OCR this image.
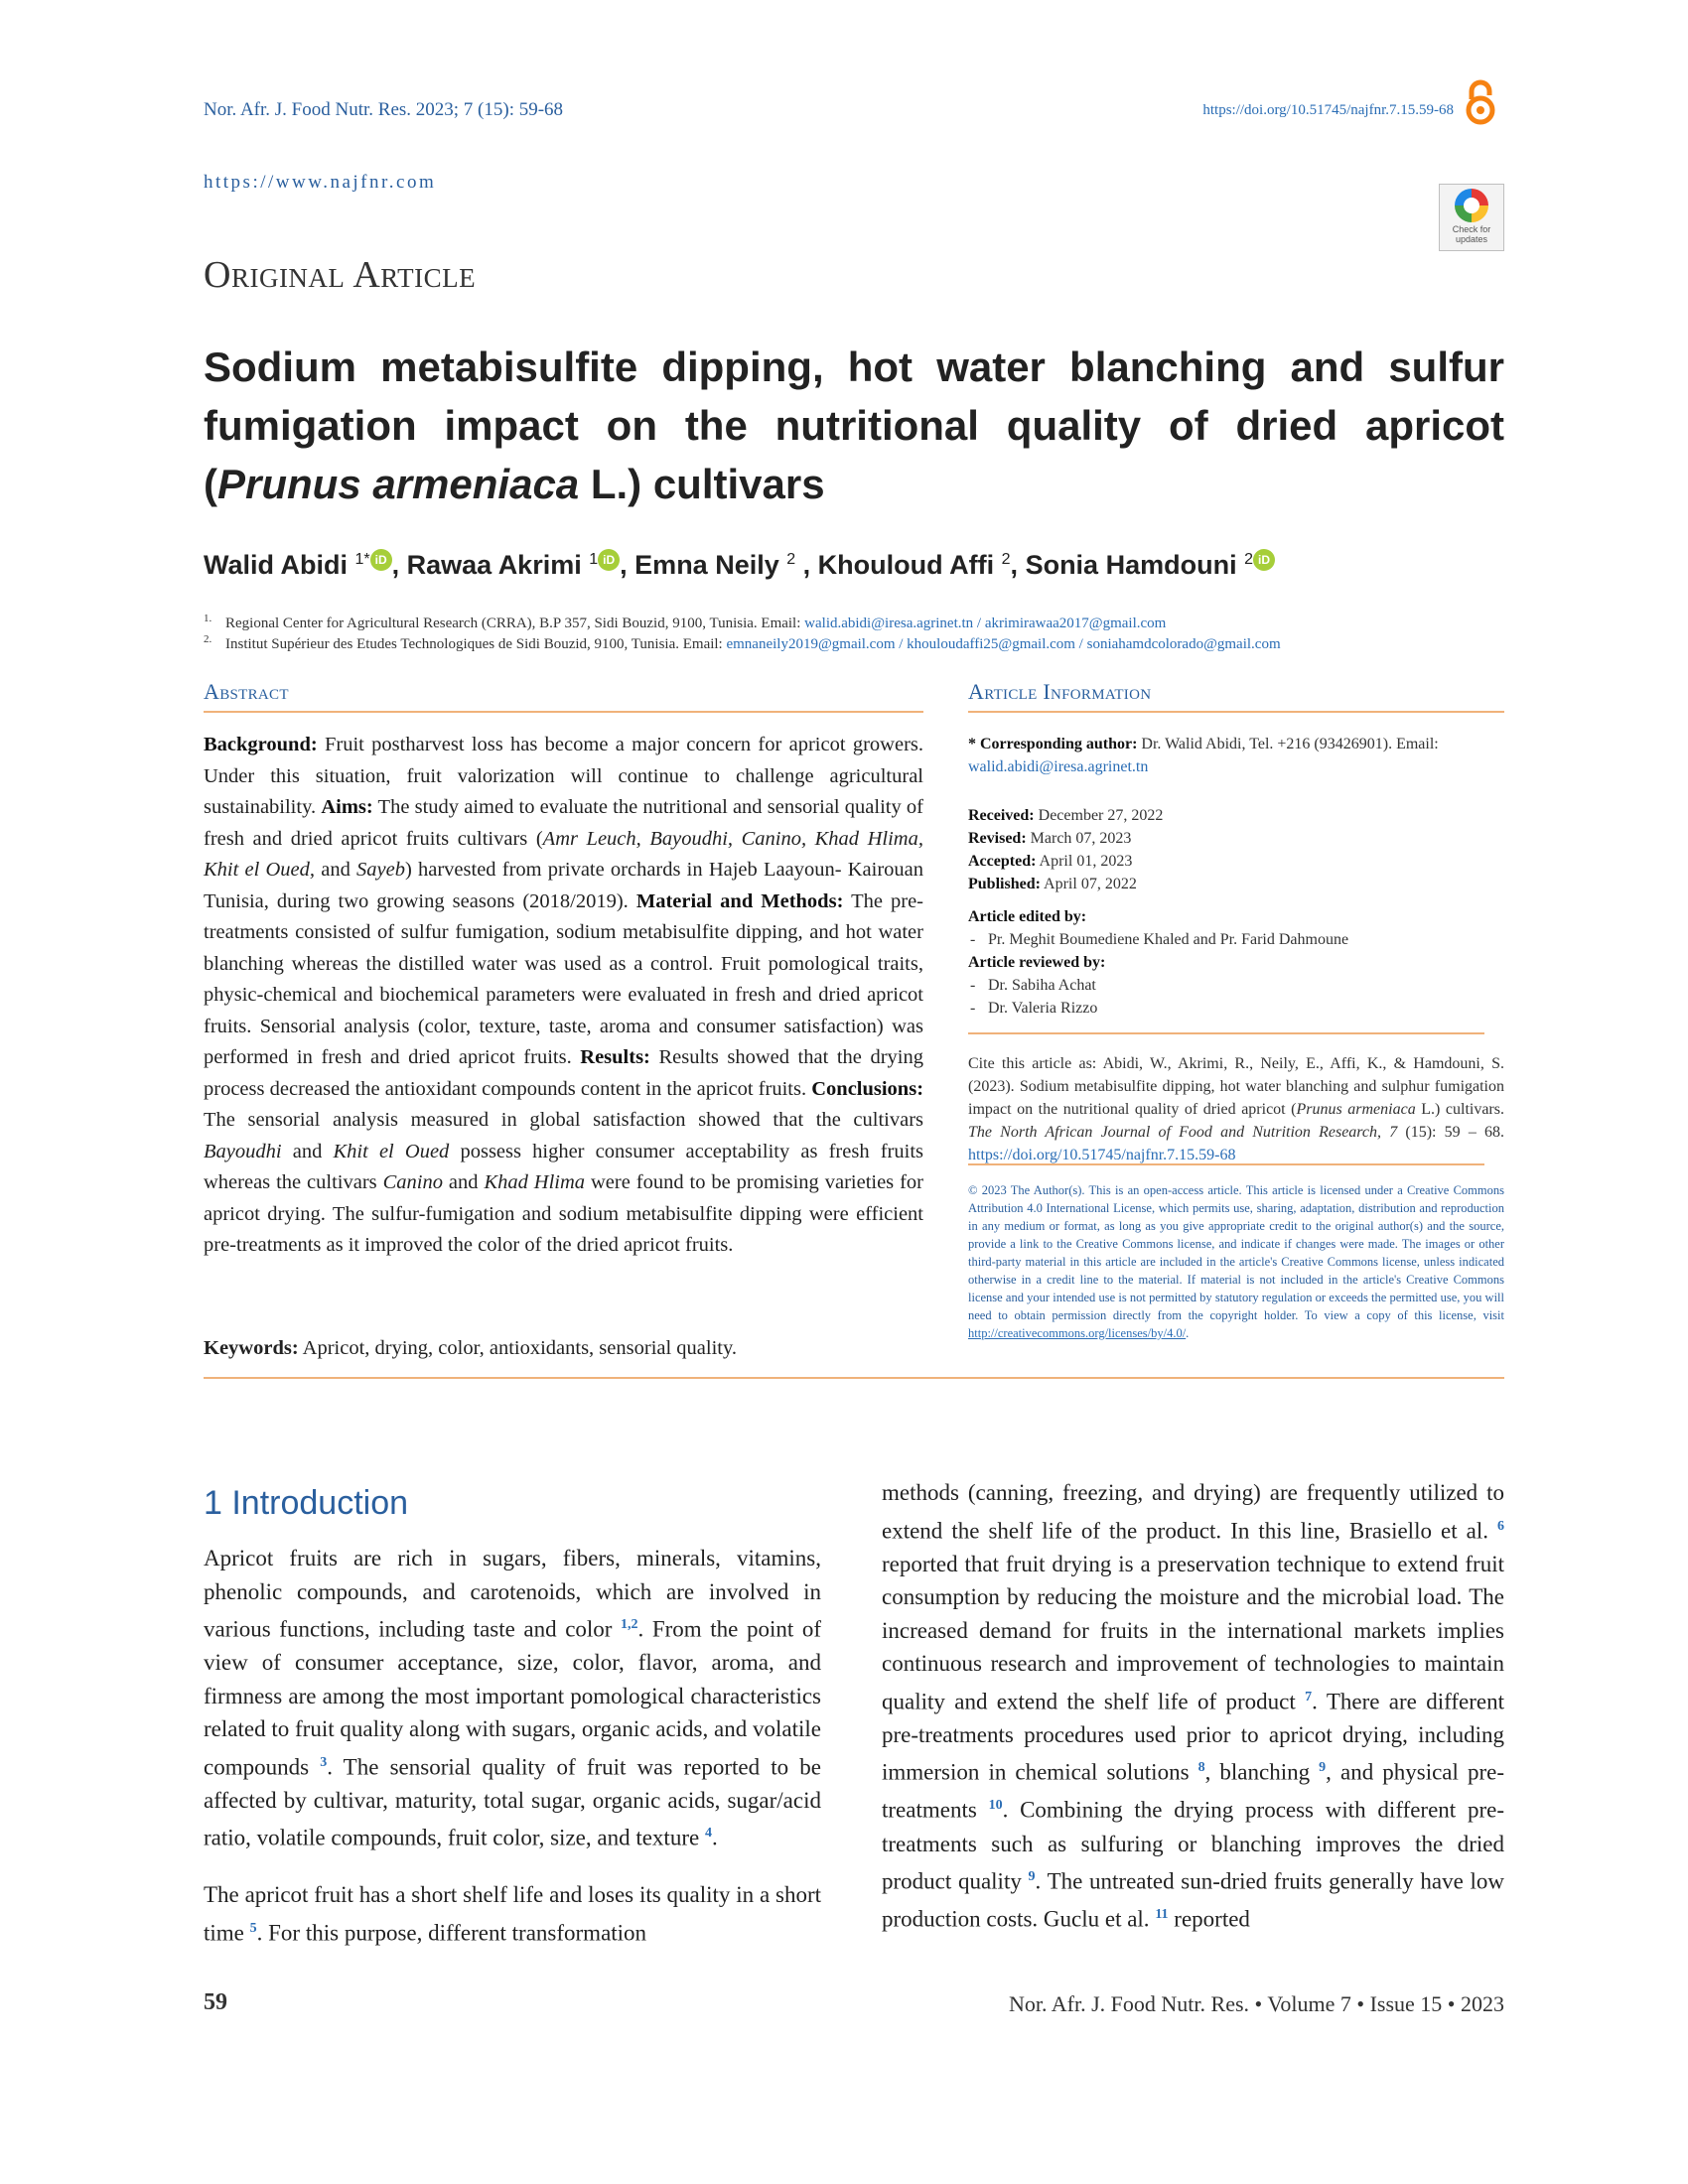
Nor. Afr. J. Food Nutr. Res. 2023; 7 (15): 59-68	https://doi.org/10.51745/najfnr.7.15.59-68
https://www.najfnr.com
Check for updates
Original Article
Sodium metabisulfite dipping, hot water blanching and sulfur fumigation impact on the nutritional quality of dried apricot (Prunus armeniaca L.) cultivars
Walid Abidi $^{1*}$ iD , Rawaa Akrimi $^1$ iD , Emna Neily $^2$ , Khouloud Affi $^2$, Sonia Hamdouni $^2$ iD
1. Regional Center for Agricultural Research (CRRA), B.P 357, Sidi Bouzid, 9100, Tunisia. Email: walid.abidi@iresa.agrinet.tn / akrimirawaa2017@gmail.com
2. Institut Supérieur des Etudes Technologiques de Sidi Bouzid, 9100, Tunisia. Email: emnaneily2019@gmail.com / khouloudaffi25@gmail.com / soniahamdcolorado@gmail.com
Abstract	Article Information
Background: Fruit postharvest loss has become a major concern for apricot growers. Under this situation, fruit valorization will continue to challenge agricultural sustainability. Aims: The study aimed to evaluate the nutritional and sensorial quality of fresh and dried apricot fruits cultivars (Amr Leuch, Bayoudhi, Canino, Khad Hlima, Khit el Oued, and Sayeb) harvested from private orchards in Hajeb Laayoun- Kairouan Tunisia, during two growing seasons (2018/2019). Material and Methods: The pre-treatments consisted of sulfur fumigation, sodium metabisulfite dipping, and hot water blanching whereas the distilled water was used as a control. Fruit pomological traits, physic-chemical and biochemical parameters were evaluated in fresh and dried apricot fruits. Sensorial analysis (color, texture, taste, aroma and consumer satisfaction) was performed in fresh and dried apricot fruits. Results: Results showed that the drying process decreased the antioxidant compounds content in the apricot fruits. Conclusions: The sensorial analysis measured in global satisfaction showed that the cultivars Bayoudhi and Khit el Oued possess higher consumer acceptability as fresh fruits whereas the cultivars Canino and Khad Hlima were found to be promising varieties for apricot drying. The sulfur-fumigation and sodium metabisulfite dipping were efficient pre-treatments as it improved the color of the dried apricot fruits.
Keywords: Apricot, drying, color, antioxidants, sensorial quality.
* Corresponding author: Dr. Walid Abidi, Tel. +216 (93426901). Email:
walid.abidi@iresa.agrinet.tn
Received: December 27, 2022
Revised: March 07, 2023
Accepted: April 01, 2023
Published: April 07, 2022
Article edited by:
- Pr. Meghit Boumediene Khaled and Pr. Farid Dahmoune
Article reviewed by:
- Dr. Sabiha Achat
- Dr. Valeria Rizzo
Cite this article as: Abidi, W., Akrimi, R., Neily, E., Affi, K., & Hamdouni, S. (2023). Sodium metabisulfite dipping, hot water blanching and sulphur fumigation impact on the nutritional quality of dried apricot (Prunus armeniaca L.) cultivars. The North African Journal of Food and Nutrition Research, 7 (15): 59 – 68. https://doi.org/10.51745/najfnr.7.15.59-68
© 2023 The Author(s). This is an open-access article. This article is licensed under a Creative Commons Attribution 4.0 International License, which permits use, sharing, adaptation, distribution and reproduction in any medium or format, as long as you give appropriate credit to the original author(s) and the source, provide a link to the Creative Commons license, and indicate if changes were made. The images or other third-party material in this article are included in the article's Creative Commons license, unless indicated otherwise in a credit line to the material. If material is not included in the article's Creative Commons license and your intended use is not permitted by statutory regulation or exceeds the permitted use, you will need to obtain permission directly from the copyright holder. To view a copy of this license, visit http://creativecommons.org/licenses/by/4.0/.
1 Introduction
Apricot fruits are rich in sugars, fibers, minerals, vitamins, phenolic compounds, and carotenoids, which are involved in various functions, including taste and color $^{1,2}$. From the point of view of consumer acceptance, size, color, flavor, aroma, and firmness are among the most important pomological characteristics related to fruit quality along with sugars, organic acids, and volatile compounds $^3$. The sensorial quality of fruit was reported to be affected by cultivar, maturity, total sugar, organic acids, sugar/acid ratio, volatile compounds, fruit color, size, and texture $^4$.
The apricot fruit has a short shelf life and loses its quality in a short time $^5$. For this purpose, different transformation
methods (canning, freezing, and drying) are frequently utilized to extend the shelf life of the product. In this line, Brasiello et al. $^6$ reported that fruit drying is a preservation technique to extend fruit consumption by reducing the moisture and the microbial load. The increased demand for fruits in the international markets implies continuous research and improvement of technologies to maintain quality and extend the shelf life of product $^7$. There are different pre-treatments procedures used prior to apricot drying, including immersion in chemical solutions $^8$, blanching $^9$, and physical pre-treatments $^{10}$. Combining the drying process with different pre-treatments such as sulfuring or blanching improves the dried product quality $^9$. The untreated sun-dried fruits generally have low production costs. Guclu et al. $^{11}$ reported
59	Nor. Afr. J. Food Nutr. Res. • Volume 7 • Issue 15 • 2023
